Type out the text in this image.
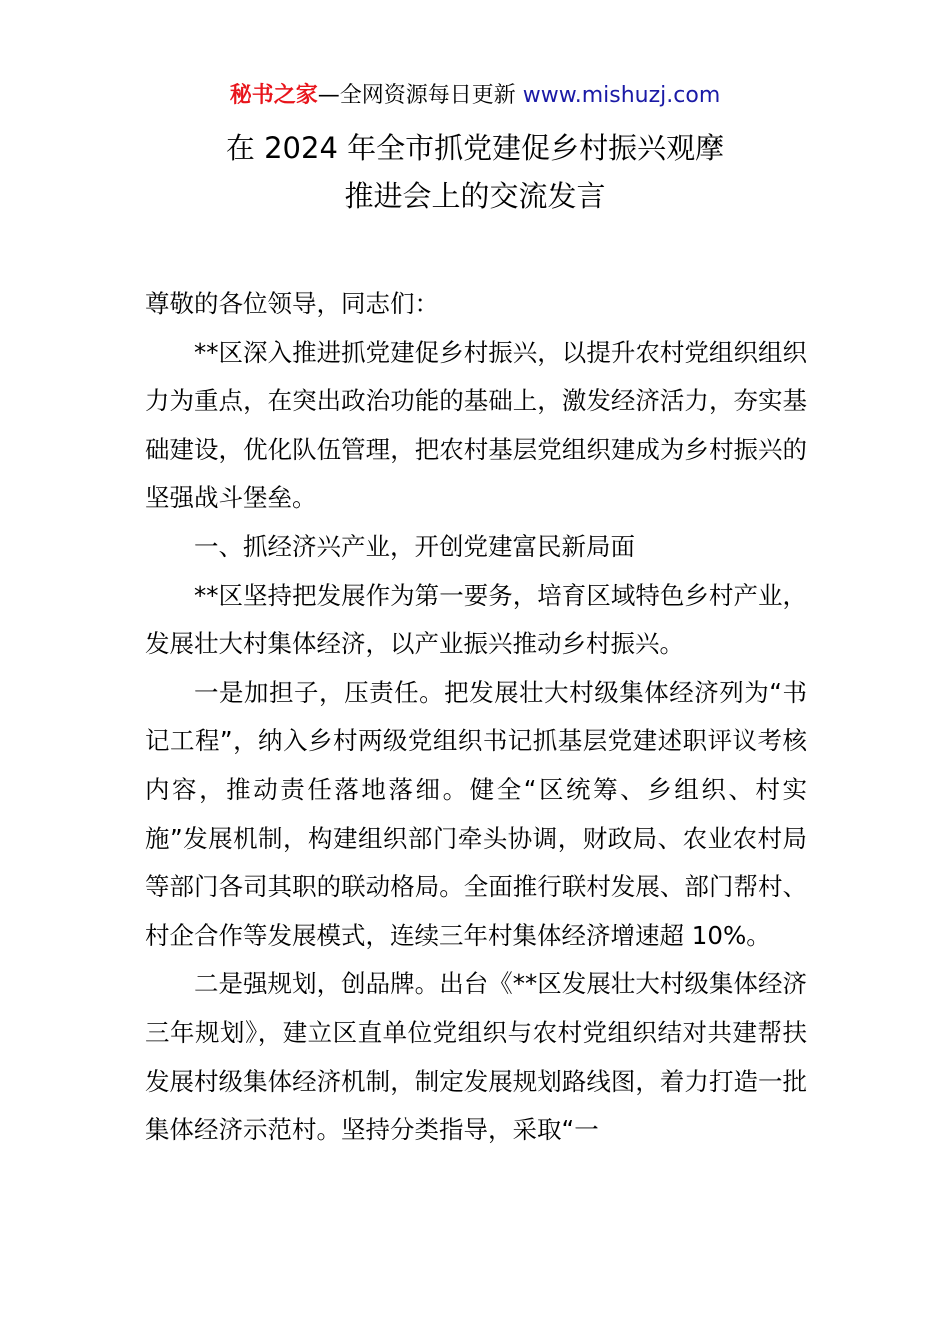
秘书之家—全网资源每日更新 www.mishuzj.com
在 2024 年全市抓党建促乡村振兴观摩
推进会上的交流发言

尊敬的各位领导，同志们：

**区深入推进抓党建促乡村振兴，以提升农村党组织组织力为重点，在突出政治功能的基础上，激发经济活力，夯实基础建设，优化队伍管理，把农村基层党组织建成为乡村振兴的坚强战斗堡垒。

一、抓经济兴产业，开创党建富民新局面

**区坚持把发展作为第一要务，培育区域特色乡村产业，发展壮大村集体经济，以产业振兴推动乡村振兴。

一是加担子，压责任。把发展壮大村级集体经济列为“书记工程”，纳入乡村两级党组织书记抓基层党建述职评议考核内容，推动责任落地落细。健全“区统筹、乡组织、村实施”发展机制，构建组织部门牵头协调，财政局、农业农村局等部门各司其职的联动格局。全面推行联村发展、部门帮村、村企合作等发展模式，连续三年村集体经济增速超 10%。

二是强规划，创品牌。出台《**区发展壮大村级集体经济三年规划》，建立区直单位党组织与农村党组织结对共建帮扶发展村级集体经济机制，制定发展规划路线图，着力打造一批集体经济示范村。坚持分类指导，采取“一
